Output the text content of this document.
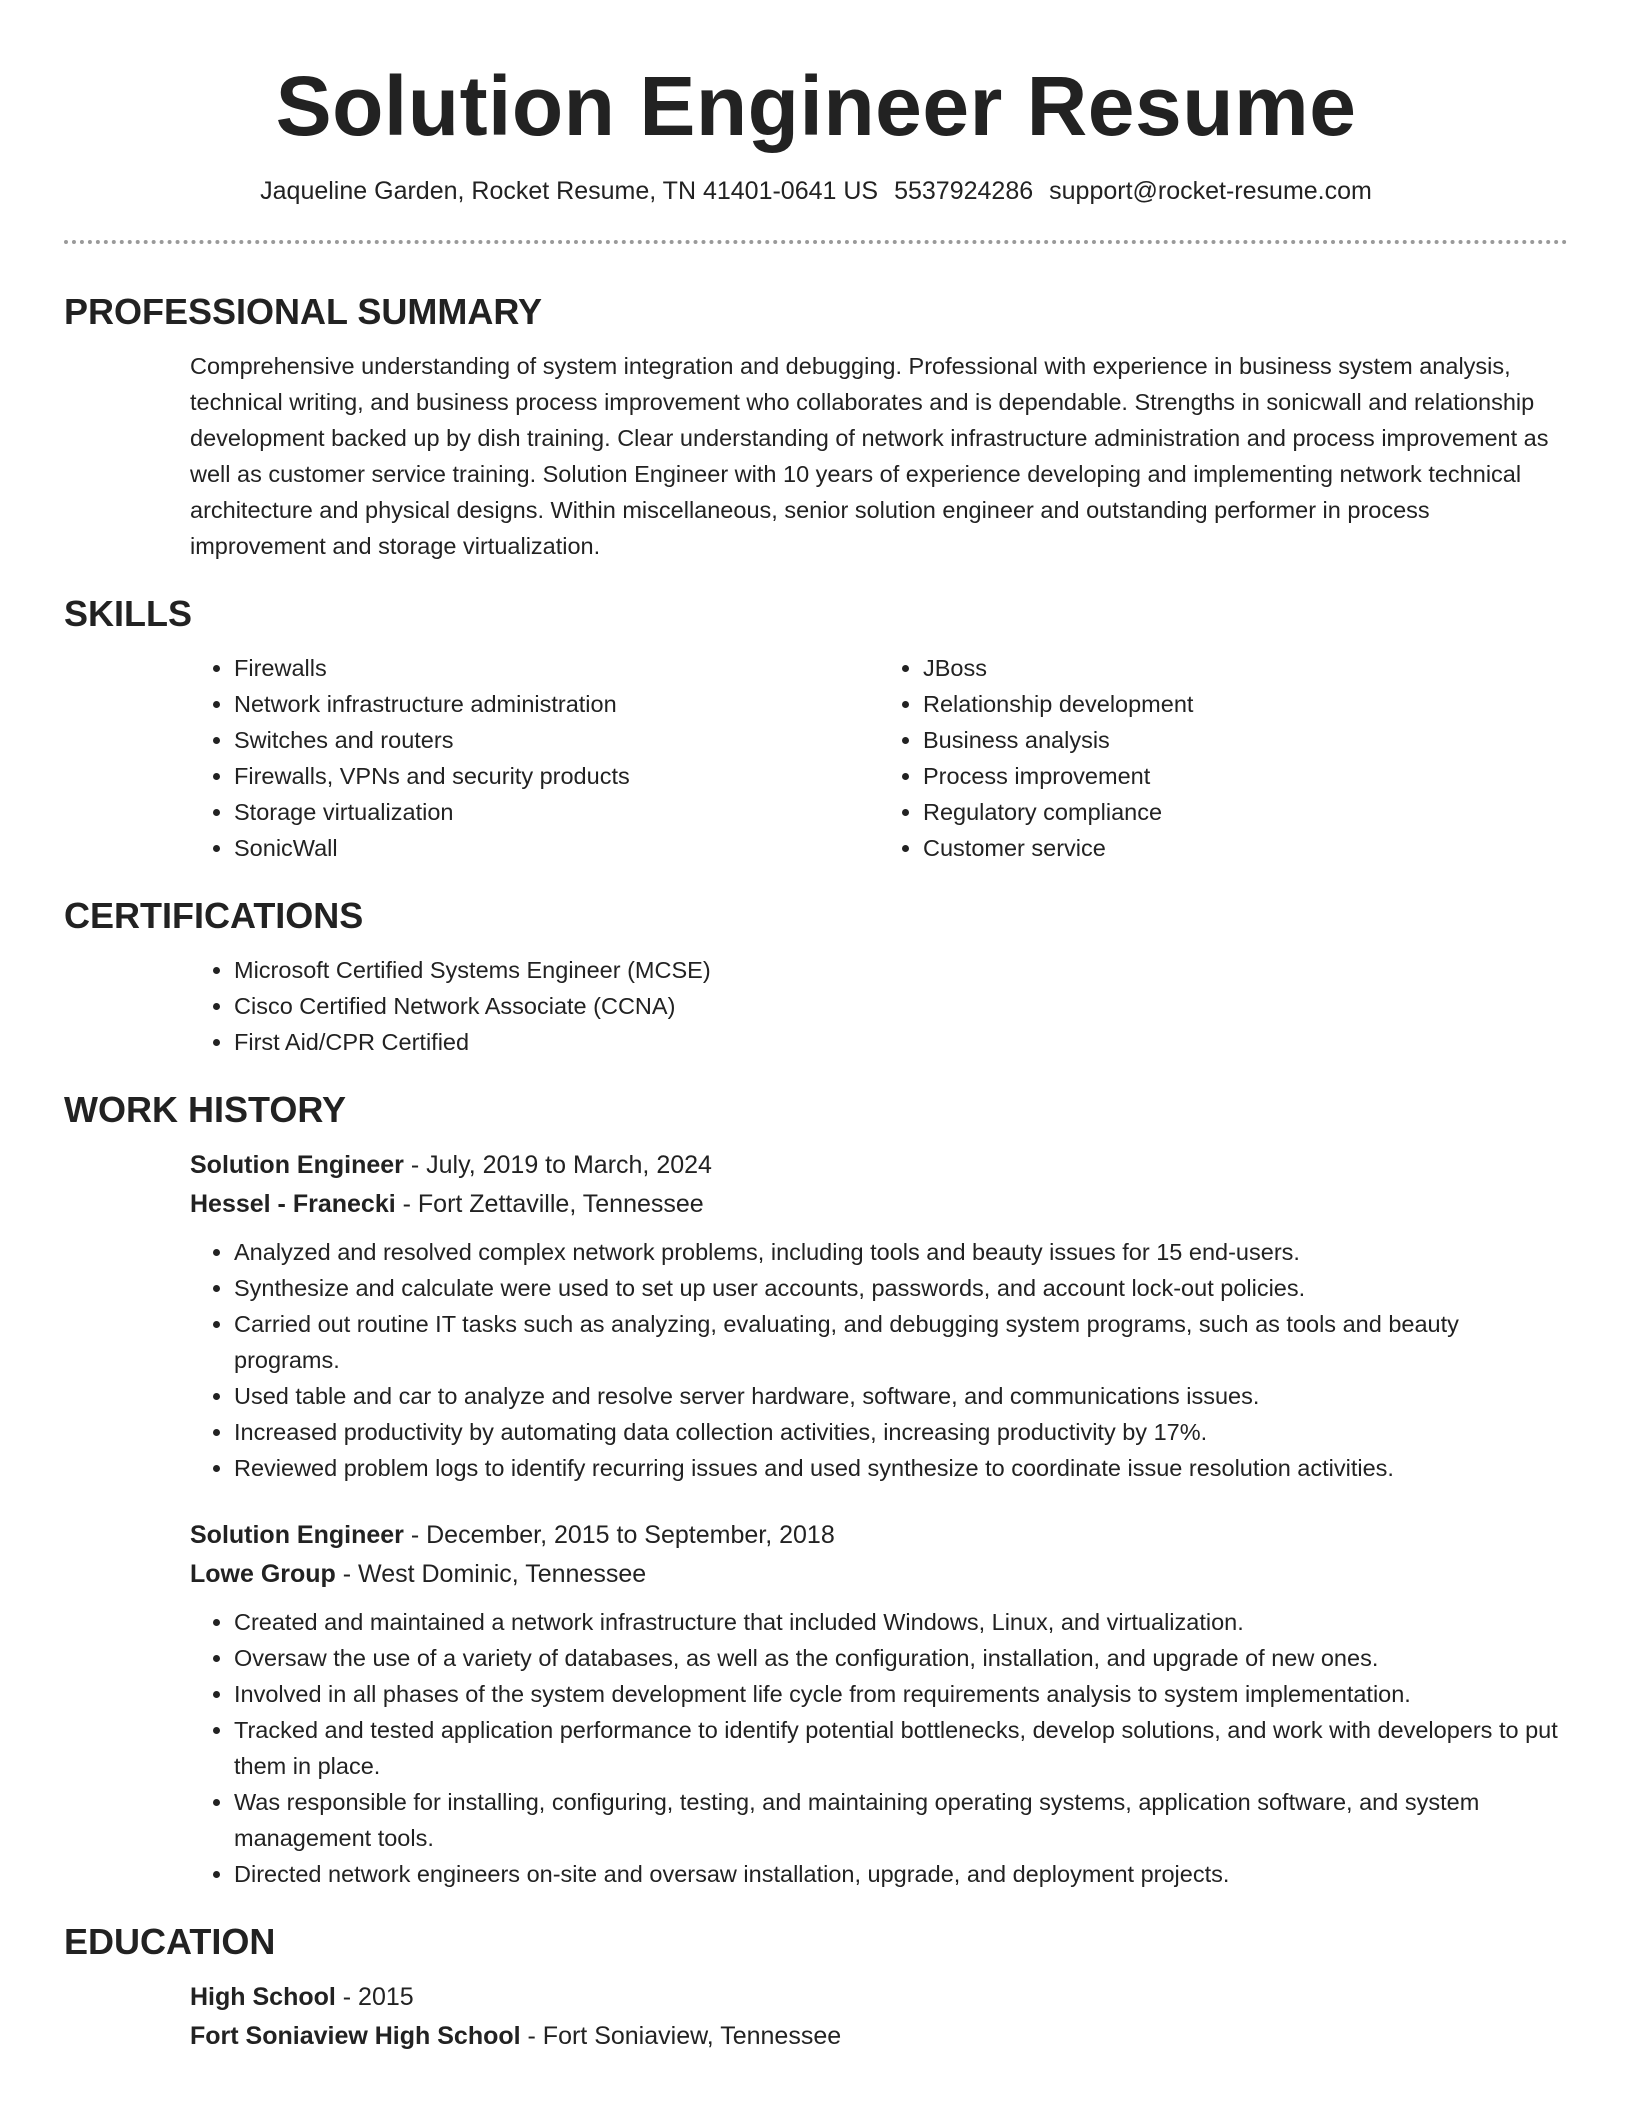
Solution Engineer Resume
Jaqueline Garden, Rocket Resume, TN 41401-0641 US 5537924286 support@rocket-resume.com
PROFESSIONAL SUMMARY

Comprehensive understanding of system integration and debugging. Professional with experience in business system analysis, technical writing, and business process improvement who collaborates and is dependable. Strengths in sonicwall and relationship development backed up by dish training. Clear understanding of network infrastructure administration and process improvement as well as customer service training. Solution Engineer with 10 years of experience developing and implementing network technical architecture and physical designs. Within miscellaneous, senior solution engineer and outstanding performer in process improvement and storage virtualization.

SKILLS
• Firewalls
• Network infrastructure administration
• Switches and routers
• Firewalls, VPNs and security products
• Storage virtualization
• SonicWall
• JBoss
• Relationship development
• Business analysis
• Process improvement
• Regulatory compliance
• Customer service
CERTIFICATIONS
• Microsoft Certified Systems Engineer (MCSE)
• Cisco Certified Network Associate (CCNA)
• First Aid/CPR Certified
WORK HISTORY
Solution Engineer - July, 2019 to March, 2024
Hessel - Franecki - Fort Zettaville, Tennessee
• Analyzed and resolved complex network problems, including tools and beauty issues for 15 end-users.
• Synthesize and calculate were used to set up user accounts, passwords, and account lock-out policies.
• Carried out routine IT tasks such as analyzing, evaluating, and debugging system programs, such as tools and beauty programs.
• Used table and car to analyze and resolve server hardware, software, and communications issues.
• Increased productivity by automating data collection activities, increasing productivity by 17%.
• Reviewed problem logs to identify recurring issues and used synthesize to coordinate issue resolution activities.
Solution Engineer - December, 2015 to September, 2018
Lowe Group - West Dominic, Tennessee
• Created and maintained a network infrastructure that included Windows, Linux, and virtualization.
• Oversaw the use of a variety of databases, as well as the configuration, installation, and upgrade of new ones.
• Involved in all phases of the system development life cycle from requirements analysis to system implementation.
• Tracked and tested application performance to identify potential bottlenecks, develop solutions, and work with developers to put them in place.
• Was responsible for installing, configuring, testing, and maintaining operating systems, application software, and system management tools.
• Directed network engineers on-site and oversaw installation, upgrade, and deployment projects.
EDUCATION
High School - 2015
Fort Soniaview High School - Fort Soniaview, Tennessee
